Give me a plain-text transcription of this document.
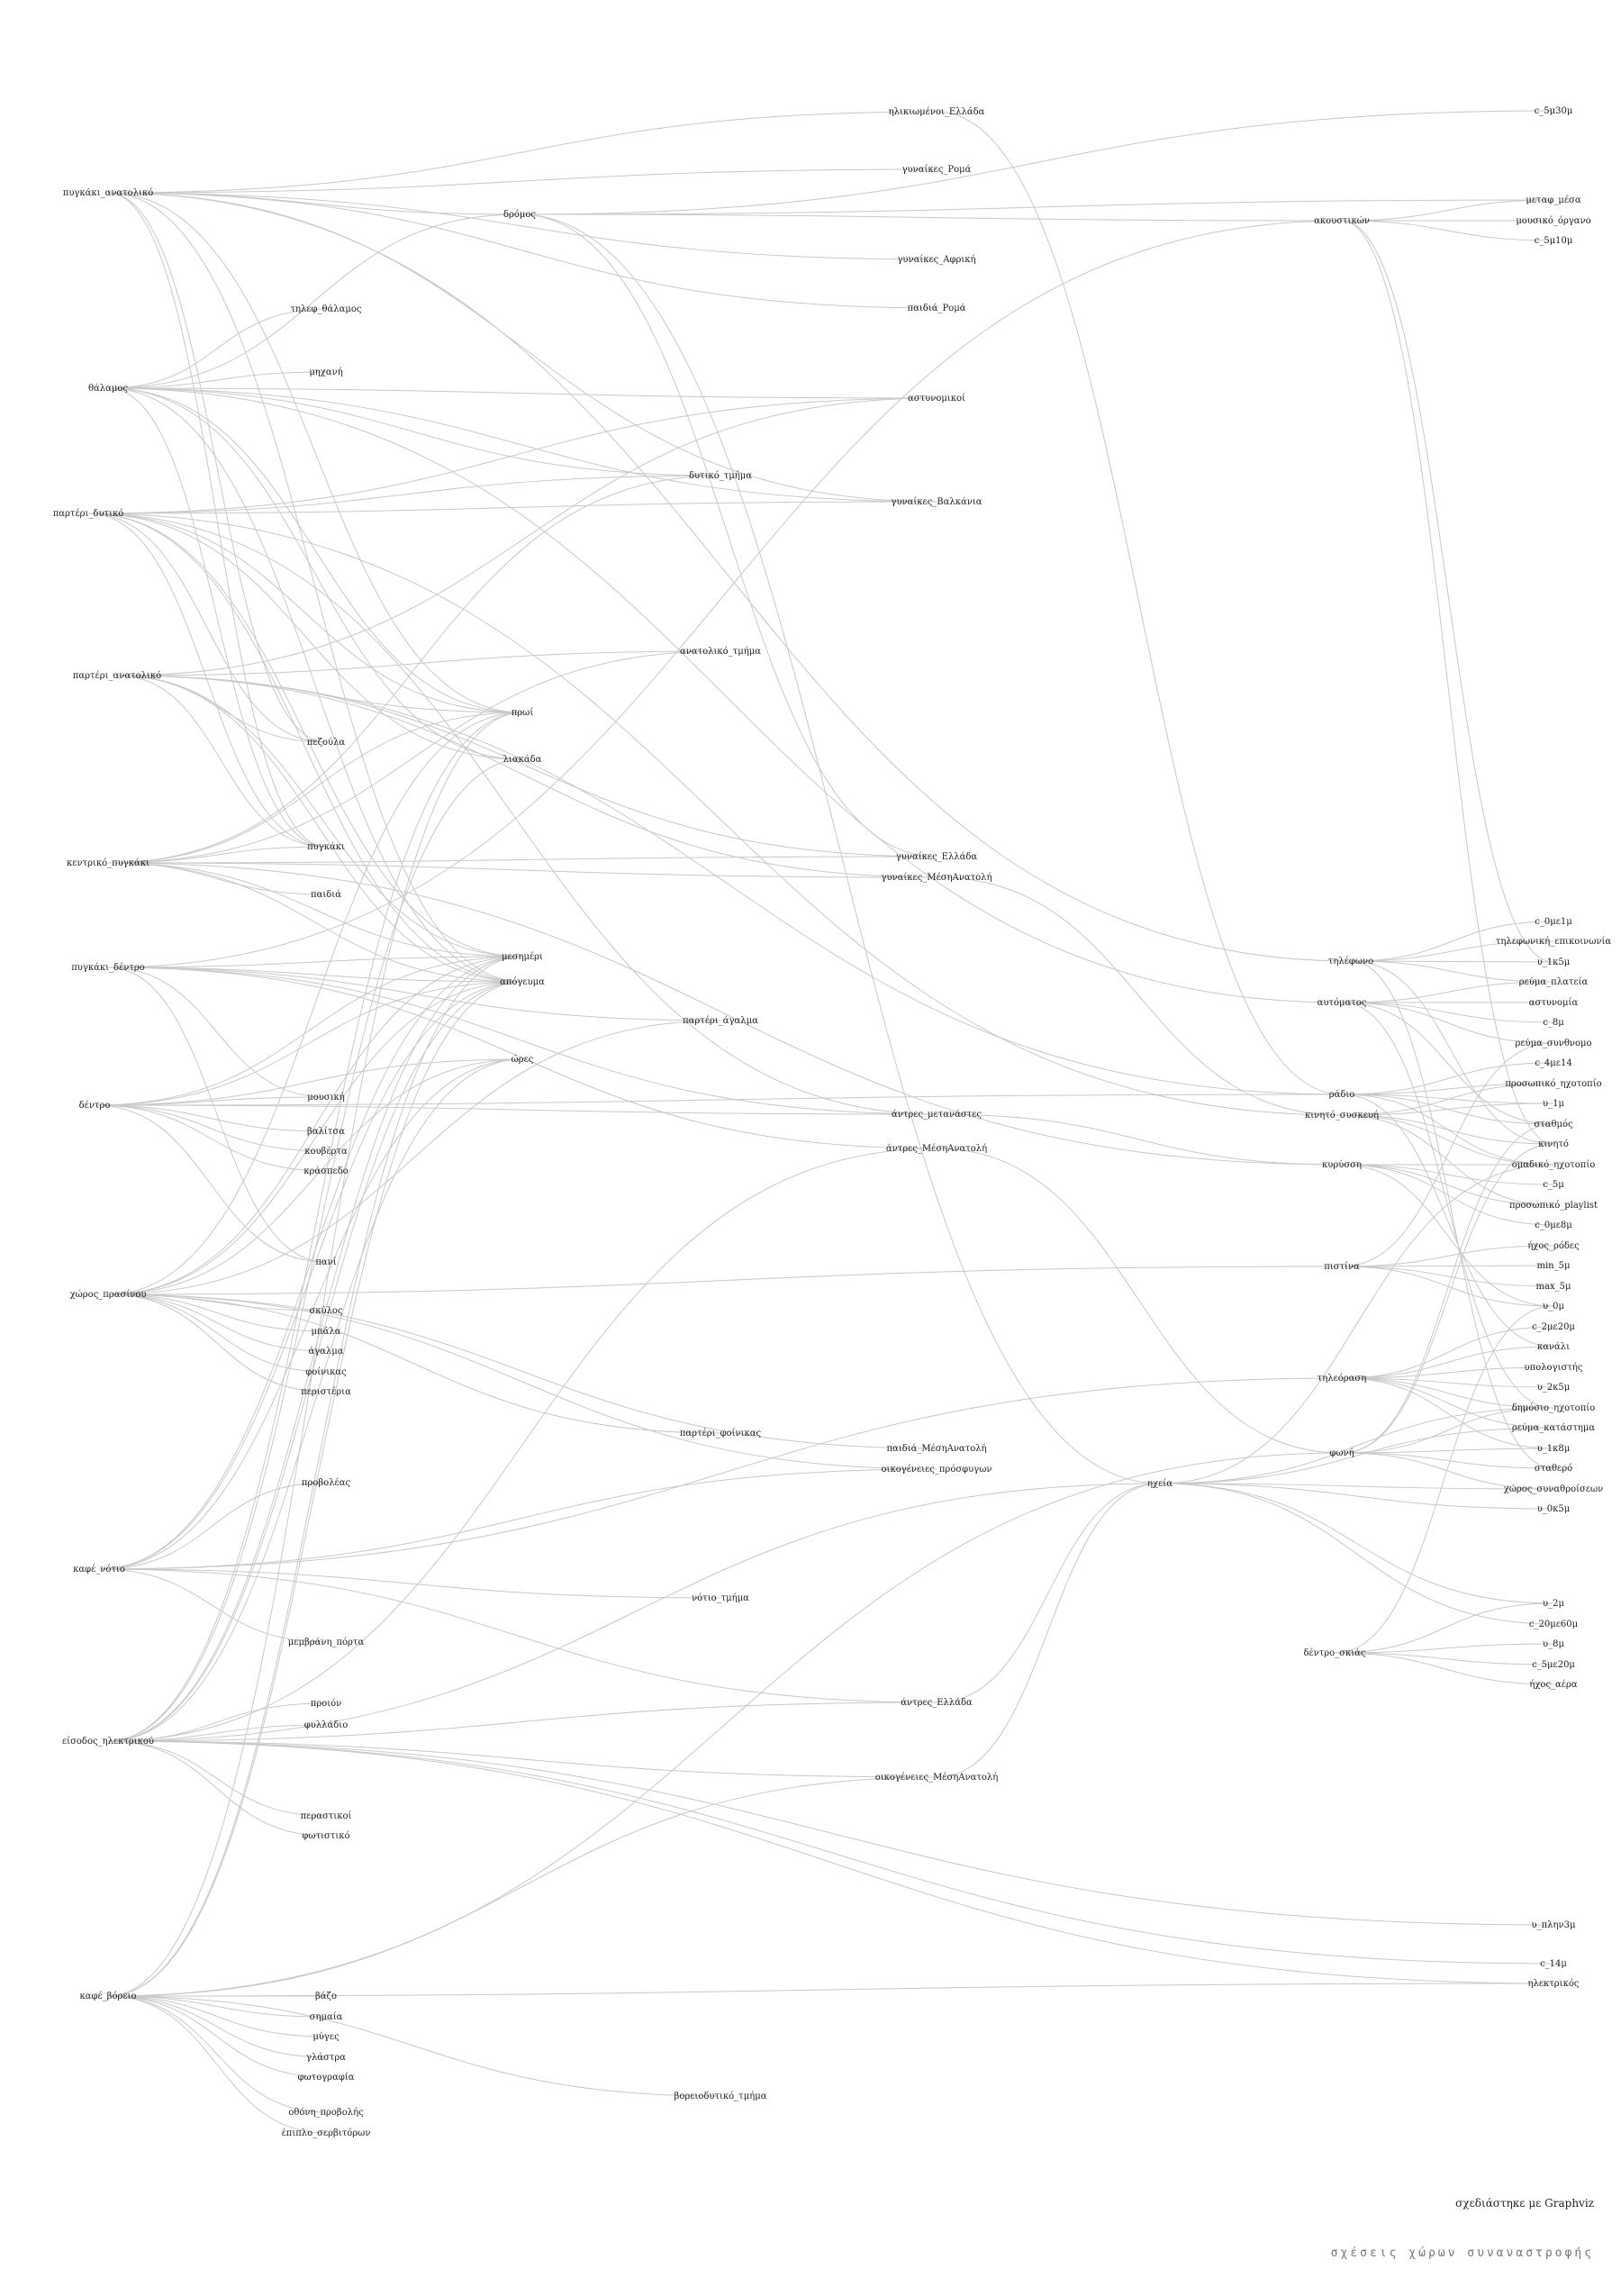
πυγκάκι_ανατολικό
θάλαμος
παρτέρι_δυτικό
παρτέρι_ανατολικό
κεντρικό_πυγκάκι
πυγκάκι_δέντρο
δέντρο
χώρος_πρασίνου
καφέ_νότιο
είσοδος_ηλεκτρικού
καφέ_βόρειο
τηλεφ_θάλαμος
μηχανή
πεζούλα
πυγκάκι
παιδιά
μουσική
βαλίτσα
κουβέρτα
κράσπεδο
πανί
σκύλος
μπάλα
άγαλμα
φοίνικας
περιστέρια
προβολέας
μεμβράνη_πόρτα
προιόν
φυλλάδιο
περαστικοί
φωτιστικό
βάζο
σημαία
μύγες
γλάστρα
φωτογραφία
οθόνη_προβολής
έπιπλο_σερβιτόρων
πρωί
λιακάδα
μεσημέρι
απόγευμα
ώρες
δρόμος
δυτικό_τμήμα
ανατολικό_τμήμα
παρτέρι_άγαλμα
παρτέρι_φοίνικας
νότιο_τμήμα
βορειοδυτικό_τμήμα
ηλικιωμένοι_Ελλάδα
γυναίκες_Ρομά
γυναίκες_Αφρική
παιδιά_Ρομά
αστυνομικοί
γυναίκες_Βαλκάνια
γυναίκες_Ελλάδα
γυναίκες_ΜέσηΑνατολή
άντρες_μετανάστες
άντρες_ΜέσηΑνατολή
παιδιά_ΜέσηΑνατολή
οικογένειες_πρόσφυγων
άντρες_Ελλάδα
οικογένειες_ΜέσηΑνατολή
ακουστικών
τηλέφωνο
αυτόματος
ράδιο
κινητό_συσκευή
κυρύσση
πιστίνα
τηλεόραση
φωνή
ηχεία
δέντρο_σκιάς
c_5μ30μ
μεταφ_μέσα
μουσικό_όργανο
c_5μ10μ
c_0με1μ
τηλεφωνική_επικοινωνία
υ_1κ5μ
ρεύμα_πλατεία
αστυνομία
c_8μ
ρεύμα_συνθνομο
c_4με14
προσωπικό_ηχοτοπίο
υ_1μ
σταθμός
κινητό
ομαδικό_ηχοτοπίο
c_5μ
προσωπικό_playlist
c_0με8μ
ήχος_ρόδες
min_5μ
max_5μ
υ_0μ
c_2με20μ
κανάλι
υπολογιστής
υ_2κ5μ
δημόσιο_ηχοτοπίο
ρεύμα_κατάστημα
υ_1κ8μ
σταθερό
χώρος_συναθροίσεων
υ_0κ5μ
υ_2μ
c_20με60μ
υ_8μ
c_5με20μ
ήχος_αέρα
υ_πλην3μ
c_14μ
ηλεκτρικός
σχεδιάστηκε με Graphviz
σχέσεις χώρων συναναστροφής
